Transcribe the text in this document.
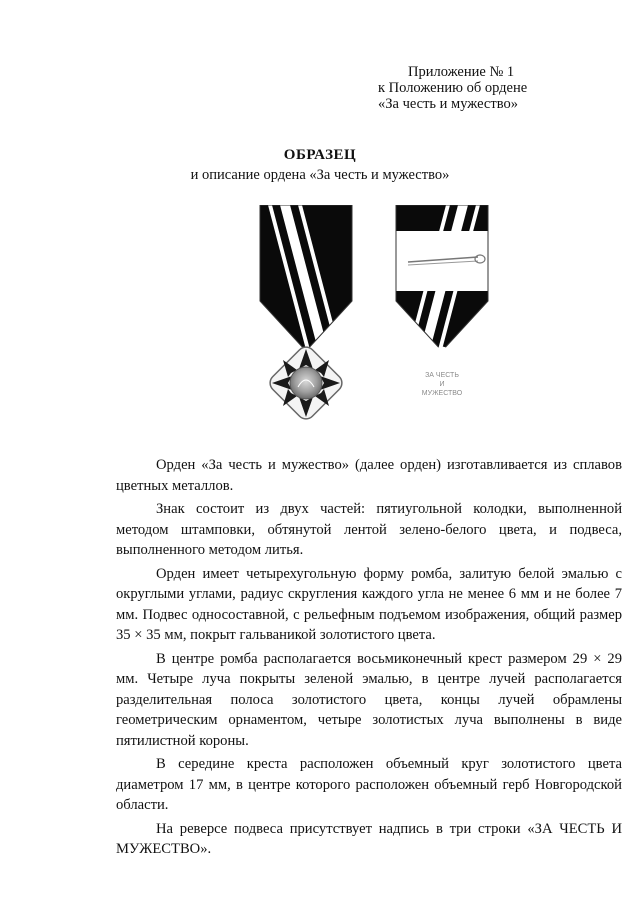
Приложение № 1
к Положению об ордене
«За честь и мужество»
ОБРАЗЕЦ
и описание ордена «За честь и мужество»
ЗА ЧЕСТЬ
И
МУЖЕСТВО

Орден «За честь и мужество» (далее орден) изготавливается из сплавов цветных металлов.

Знак состоит из двух частей: пятиугольной колодки, выполненной методом штамповки, обтянутой лентой зелено-белого цвета, и подвеса, выполненного методом литья.

Орден имеет четырехугольную форму ромба, залитую белой эмалью с округлыми углами, радиус скругления каждого угла не менее 6 мм и не более 7 мм. Подвес односоставной, с рельефным подъемом изображения, общий размер 35 × 35 мм, покрыт гальваникой золотистого цвета.

В центре ромба располагается восьмиконечный крест размером 29 × 29 мм. Четыре луча покрыты зеленой эмалью, в центре лучей располагается разделительная полоса золотистого цвета, концы лучей обрамлены геометрическим орнаментом, четыре золотистых луча выполнены в виде пятилистной короны.

В середине креста расположен объемный круг золотистого цвета диаметром 17 мм, в центре которого расположен объемный герб Новгородской области.

На реверсе подвеса присутствует надпись в три строки «ЗА ЧЕСТЬ И МУЖЕСТВО».
